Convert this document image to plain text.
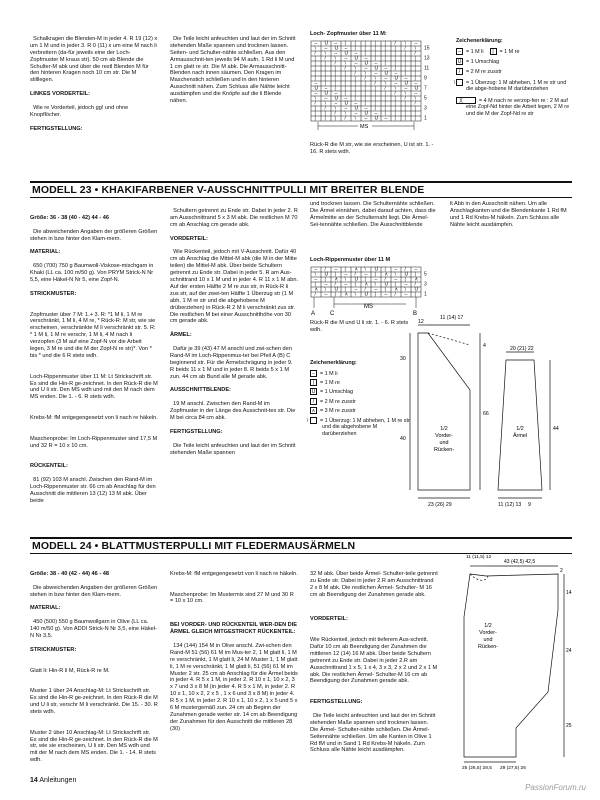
Schalkragen die Blenden-M in jeder 4. R 19 (12) x um 1 M und in jeder 3. R 0 (11) x um eine M nach li verbreitern (da-für jeweils eine der Loch- Zopfmuster M kraus str). 50 cm ab Blende die Schulter-M abk und über die restl Blenden M für den hinteren Kragen noch 10 cm str. Die M stilllegen.

LINKES VORDERTEIL:

Wie re Vorderteil, jedoch gg! und ohne Knopflöcher.

FERTIGSTELLUNG:

Die Teile leicht anfeuchten und laut der im Schnitt stehenden Maße spannen und trocknen lassen. Seiten- und Schulter-nähte schließen. Aus den Armausschnit-ten jeweils 94 M aufn. 1 Rd li M und 1 cm glatt re str. Die M abk. Die Armausschnitt-Blenden nach innen säumen. Den Kragen im Maschenstich schließen und in den hinteren Ausschnitt nähen. Zum Schluss alle Nähte leicht ausdämpfen und die Knöpfe auf die li Blende nähen.

Loch- Zopfmuster über 11 M:
– U – | | | | | / \ –
\ – U – | | | | | / \
/ \ – U – | | | | | /
| / \ – U – | | | | |
| | / \ – U – | | | |
| | | / \ – U – | | |
| | | | / \ – U – | |
| | | | | / \ – U – |
– | | | | | / \ – U –
U – | | | | | / \ – U
– U – | | | | | / \ –
\ – U – | | | | | / \
/ \ – U – | | | | | /
| / \ – U – | | | | |
| | / \ – U – | | | |
| | | / \ – U – | | | 1
3
5
7
9
11
13
15
MS
Rück-R die M str, wie sie erscheinen, U ist str. 1. - 16. R stets wdh.
Zeichenerklärung:
– = 1 M li | = 1 M re
U = 1 Umschlag
/ = 2 M re zusstr
\ = 1 Überzug: 1 M abheben, 1 M re str und die abge-hobene M darüberziehen
╳	= 4 M nach re verzop-fen re : 2 M auf eine Zopf-Nd hinter die Arbeit legen, 2 M re und die M der Zopf-Nd re str
MODELL 23 • KHAKIFARBENER V-AUSSCHNITTPULLI MIT BREITER BLENDE

Größe: 36 - 38 (40 - 42) 44 - 46

Die abweichenden Angaben der größeren Größen stehen in bzw hinter den Klam-mern.

MATERIAL:

650 (700) 750 g Baumwoll-Viskose-mischgarn in Khaki (LL ca. 100 m/50 g). Von PRYM Strick-N Nr 5,5, eine Häkel-N Nr 5, eine Zopf-N.

STRICKMUSTER:

Zopfmuster über 7 M: 1.+ 3. R: *1 M li, 1 M re verschränkt, 1 M li, 4 M re, * Rück-R: M str, wie sie erscheinen, verschränkte M li verschränkt str. 5. R: * 1 M li, 1 M re verschr, 1 M li, 4 M nach li verzopfen (3 M auf eine Zopf-N vor die Arbeit legen, 3 M re und die M der Zopf-N re str)*. Von * bis * und die 6 R stets wdh.

Loch-Rippenmuster über 11 M: Lt Strickschrift str. Es sind die Hin-R ge-zeichnet. In den Rück-R die M und U li str. Den MS wdh und mit den M nach dem MS enden. Die 1. - 6. R stets wdh.

Krebs-M: fM entgegengesetzt von li nach re häkeln.

Maschenprobe: Im Loch-Rippenmuster sind 17,5 M und 32 R = 10 x 10 cm.

RÜCKENTEIL:

81 (92) 103 M anschl. Zwischen den Rand-M im Loch-Rippenmuster str. 66 cm ab Anschlag für den Ausschnitt die mittleren 13 (12) 13 M abk. Über beide

Schultern getrennt zu Ende str. Dabei in jeder 2. R am Ausschnittrand 5 x 3 M abk. Die restlichen M 70 cm ab Anschlag cm gerade abk.

VORDERTEIL:

Wie Rückenteil, jedoch mit V-Ausschnitt. Dafür 40 cm ab Anschlag die Mittel-M abk (die M in der Mitte teilen) die Mittel-M abk. Über beide Schultern getrennt zu Ende str. Dabei in jeder 5. R am Aus-schnittrand 10 x 1 M und in jeder 4. R 11 x 1 M abn. Auf der ersten Hälfte 2 M re zus str, in Rück-R li zus str, auf der zwei-ten Hälfte 1 Überzug str (1 M abh, 1 M re str und die abgehobene M drüberziehen) in Rück-R 2 M li verschränkt zus str. Die restlichen M bei einer Ausschnitthöhe von 30 cm gerade abk.

ÄRMEL:

Dafür je 39 (43) 47 M anschl und zwi-schen den Rand-M im Loch-Rippenmus-ter bei Pfeil A (B) C beginnend str. Für die Ärmelschrägung in jeder 9. R beids 11 x 1 M und in jeder 8. R beids 5 x 1 M zun. 44 cm ab Bund alle M gerade abk.

AUSSCHNITTBLENDE:

19 M anschl. Zwischen den Rand-M im Zopfmuster in der Länge des Ausschnit-tes str. Die M bei circa 84 cm abk.

FERTIGSTELLUNG:

Die Teile leicht anfeuchten und laut der im Schnitt stehenden Maße spannen

und trocknen lassen. Die Schulternähte schließen. Die Ärmel einnähen, dabei darauf achten, dass die Ärmelmitte an der Schulternaht liegt. Die Ärmel- Sei-tennähte schließen. Die Ausschnittblende
lt Abb in den Ausschnitt nähen. Um alle Anschlagkanten und die Blendenkante 1 Rd fM und 1 Rd Krebs-M häkeln. Zum Schluss alle Nähte leicht ausdämpfen.
Loch-Rippenmuster über 11 M
– / – | ∧ \ U | – / –
\ U | – / – | ∧ \ U |
– | ∧ \ U | – / – | ∧
| – / – | ∧ \ U | – /
∧ \ U | – / – | ∧ \ U
/ – | ∧ \ U | – / – | 1
3
5
A C	B
MS
Rück-R die M und U li str. 1. - 6. R stets wdh.
Zeichenerklärung:
– = 1 M li
| = 1 M re
U = 1 Umschlag
/ = 2 M re zusstr
∧ = 3 M re zusstr
\ = 1 Überzug: 1 M abheben, 1 M re str und die abgehobene M darüberziehen
12
11 (14) 17
4
30
66
40
23 (26) 29
1/2 Vorder-und Rücken-
20 (21) 22
44
11 (12) 13 9
1/2 Ärmel
MODELL 24 • BLATTMUSTERPULLI MIT FLEDERMAUSÄRMELN

Größe: 38 - 40 (42 - 44) 46 - 48

Die abweichenden Angaben der größeren Größen stehen in bzw hinter den Klam-mern.

MATERIAL:

450 (500) 550 g Baumwollgarn in Olive (LL ca. 140 m/50 g). Von ADDI Strick-N Nr 3,5, eine Häkel-N Nr 3,5.

STRICKMUSTER:

Glatt li: Hin-R li M, Rück-R re M.

Muster 1 über 24 Anschlag-M: Lt Strickschrift str. Es sind die Hin-R ge-zeichnet. In den Rück-R die M und U li str, verschr M li verschränkt. Die 15. - 30. R stets wdh.

Muster 2 über 10 Anschlag-M: Lt Strickschrift str. Es sind die Hin-R ge-zeichnet. In den Rück-R die M str, wie sie erscheinen, U li str. Den MS wdh und mit der M nach dem MS enden. Die 1. - 14. R stets wdh.

Krebs-M: fM entgegengesetzt von li nach re häkeln.

Maschenprobe: Im Mustermix sind 27 M und 30 R = 10 x 10 cm.

BEI VORDER- UND RÜCKENTEIL WER-DEN DIE ÄRMEL GLEICH MITGESTRICKT RÜCKENTEIL:

134 (144) 154 M in Olive anschl. Zwi-schen den Rand-M 51 (56) 61 M im Mus-ter 2, 1 M glatt li, 1 M re verschränkt, 1 M glatt li, 24 M Muster 1, 1 M glatt li, 1 M re verschränkt, 1 M glatt li, 51 (56) 61 M im Muster 2 str. 25 cm ab Anschlag für die Ärmel beids in jeder 4. R 5 x 1 M, in jeder 2. R 10 x 1, 10 x 2, 3 x 7 und 3 x 8 M (in jeder 4. R 5 x 1 M, in jeder 2. R 10 x 1, 10 x 2, 2 x 5 , 1 x 6 und 3 x 8 M) in jeder 4. R 5 x 1 M, in jeder 2. R 10 x 1, 10 x 2, 1 x 5 und 5 x 6 M mustergemäß zun. 24 cm ab Beginn der Zunahmen gerade weiter str. 14 cm ab Beendigung der Zunahmen für den Ausschnitt die mittleren 28 (30)

32 M abk. Über beide Ärmel- Schulter-teile getrennt zu Ende str. Dabei in jeder 2.R am Ausschnittrand 2 x 8 M abk. Die restlichen Ärmel- Schulter- M 16 cm ab Beendigung der Zunahmen gerade abk.

VORDERTEIL:

Wie Rückenteil, jedoch mit tieferem Aus-schnitt. Dafür 10 cm ab Beendigung der Zunahmen die mittleren 12 (14) 16 M abk. Über beide Schultern getrennt zu Ende str. Dabei in jeder 2.R am Ausschnittrand 1 x 5, 1 x 4, 3 x 3, 2 x 2 und 2 x 1 M abk. Die restlichen Ärmel- Schulter-M 16 cm ab Beendigung der Zunahmen gerade abk.

FERTIGSTELLUNG:

Die Teile leicht anfeuchten und laut der im Schnitt stehenden Maße spannen und trocknen lassen. Die Ärmel- Schulter-nähte schließen. Die Ärmel-Seitennähte schließen. Um alle Kanten in Olive 1 Rd fM und in Sand 1 Rd Krebs-M häkeln. Zum Schluss alle Nähte leicht ausdämpfen.

11 (11,5) 12
43 (42,5) 42,5
2
14
24
25
25 (26,5) 28,5 29 (27,5) 26
1/2 Vorder-und Rücken-
14 Anleitungen
PassionForum.ru
